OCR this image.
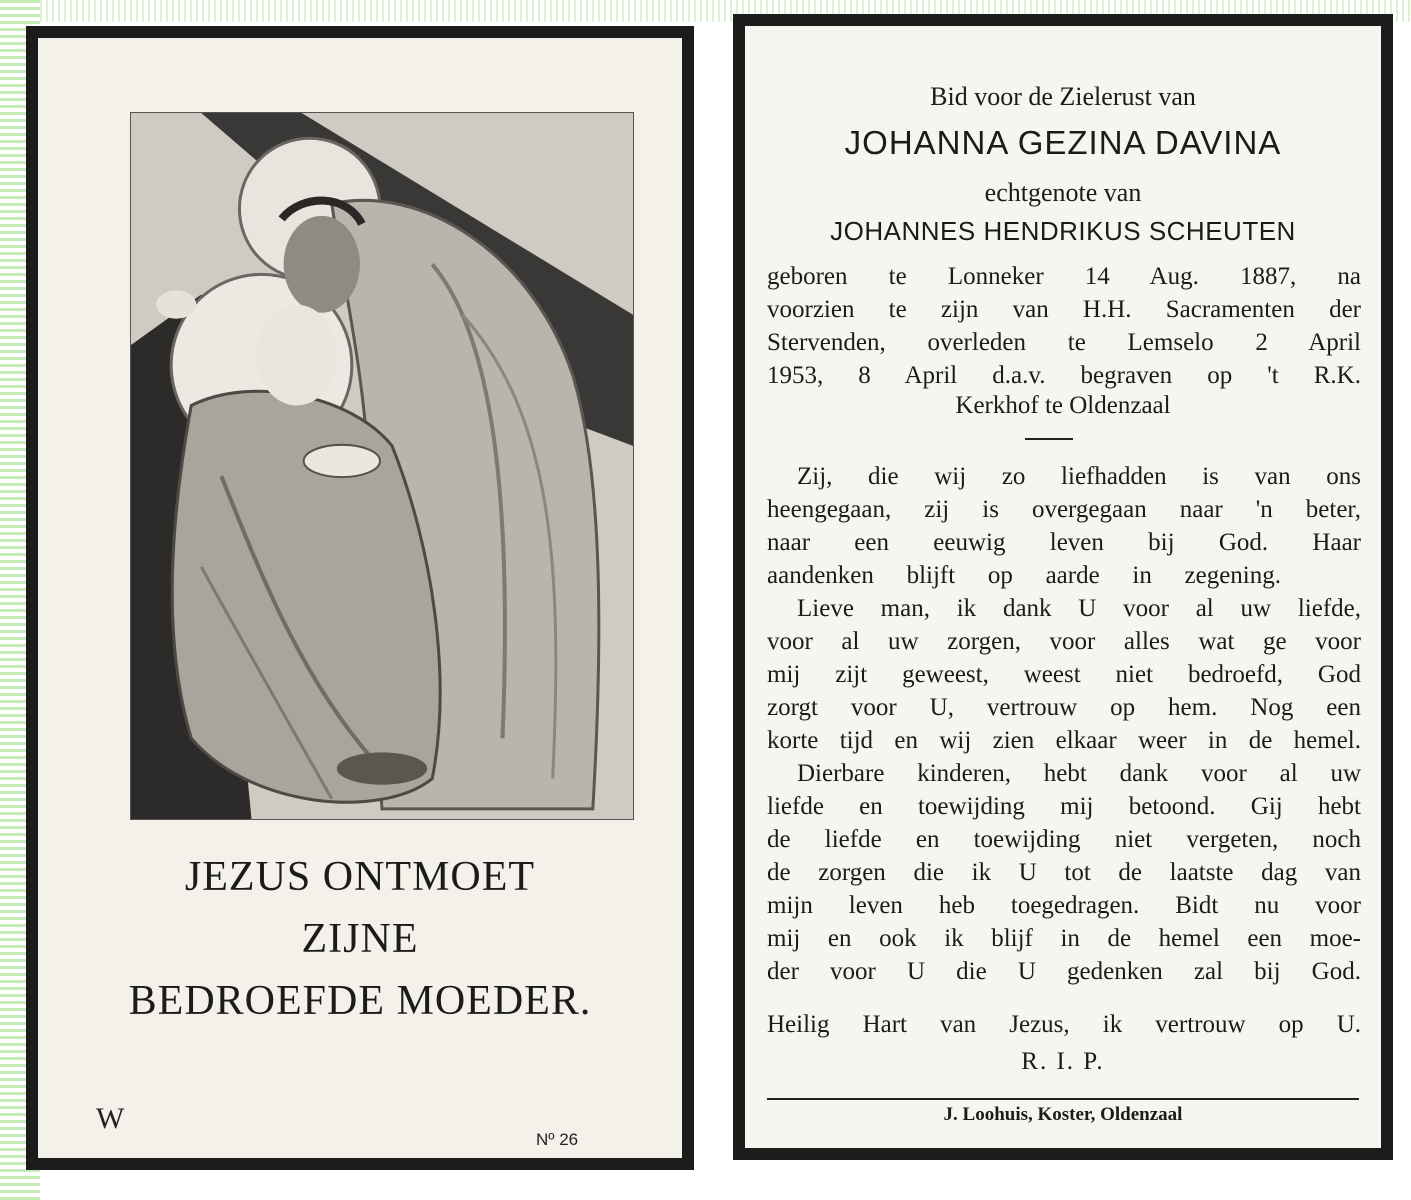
JEZUS ONTMOET
ZIJNE
BEDROEFDE MOEDER.
W
Nº 26
Bid voor de Zielerust van
JOHANNA GEZINA DAVINA
echtgenote van
JOHANNES HENDRIKUS SCHEUTEN
geboren te Lonneker 14 Aug. 1887, na
voorzien te zijn van H.H. Sacramenten der
Stervenden, overleden te Lemselo 2 April
1953, 8 April d.a.v. begraven op 't R.K.
Kerkhof te Oldenzaal
Zij, die wij zo liefhadden is van ons
heengegaan, zij is overgegaan naar 'n beter,
naar een eeuwig leven bij God. Haar
aandenken blijft op aarde in zegening.
Lieve man, ik dank U voor al uw liefde,
voor al uw zorgen, voor alles wat ge voor
mij zijt geweest, weest niet bedroefd, God
zorgt voor U, vertrouw op hem. Nog een
korte tijd en wij zien elkaar weer in de hemel.
Dierbare kinderen, hebt dank voor al uw
liefde en toewijding mij betoond. Gij hebt
de liefde en toewijding niet vergeten, noch
de zorgen die ik U tot de laatste dag van
mijn leven heb toegedragen. Bidt nu voor
mij en ook ik blijf in de hemel een moe-
der voor U die U gedenken zal bij God.
Heilig Hart van Jezus, ik vertrouw op U.
R. I. P.
J. Loohuis, Koster, Oldenzaal
